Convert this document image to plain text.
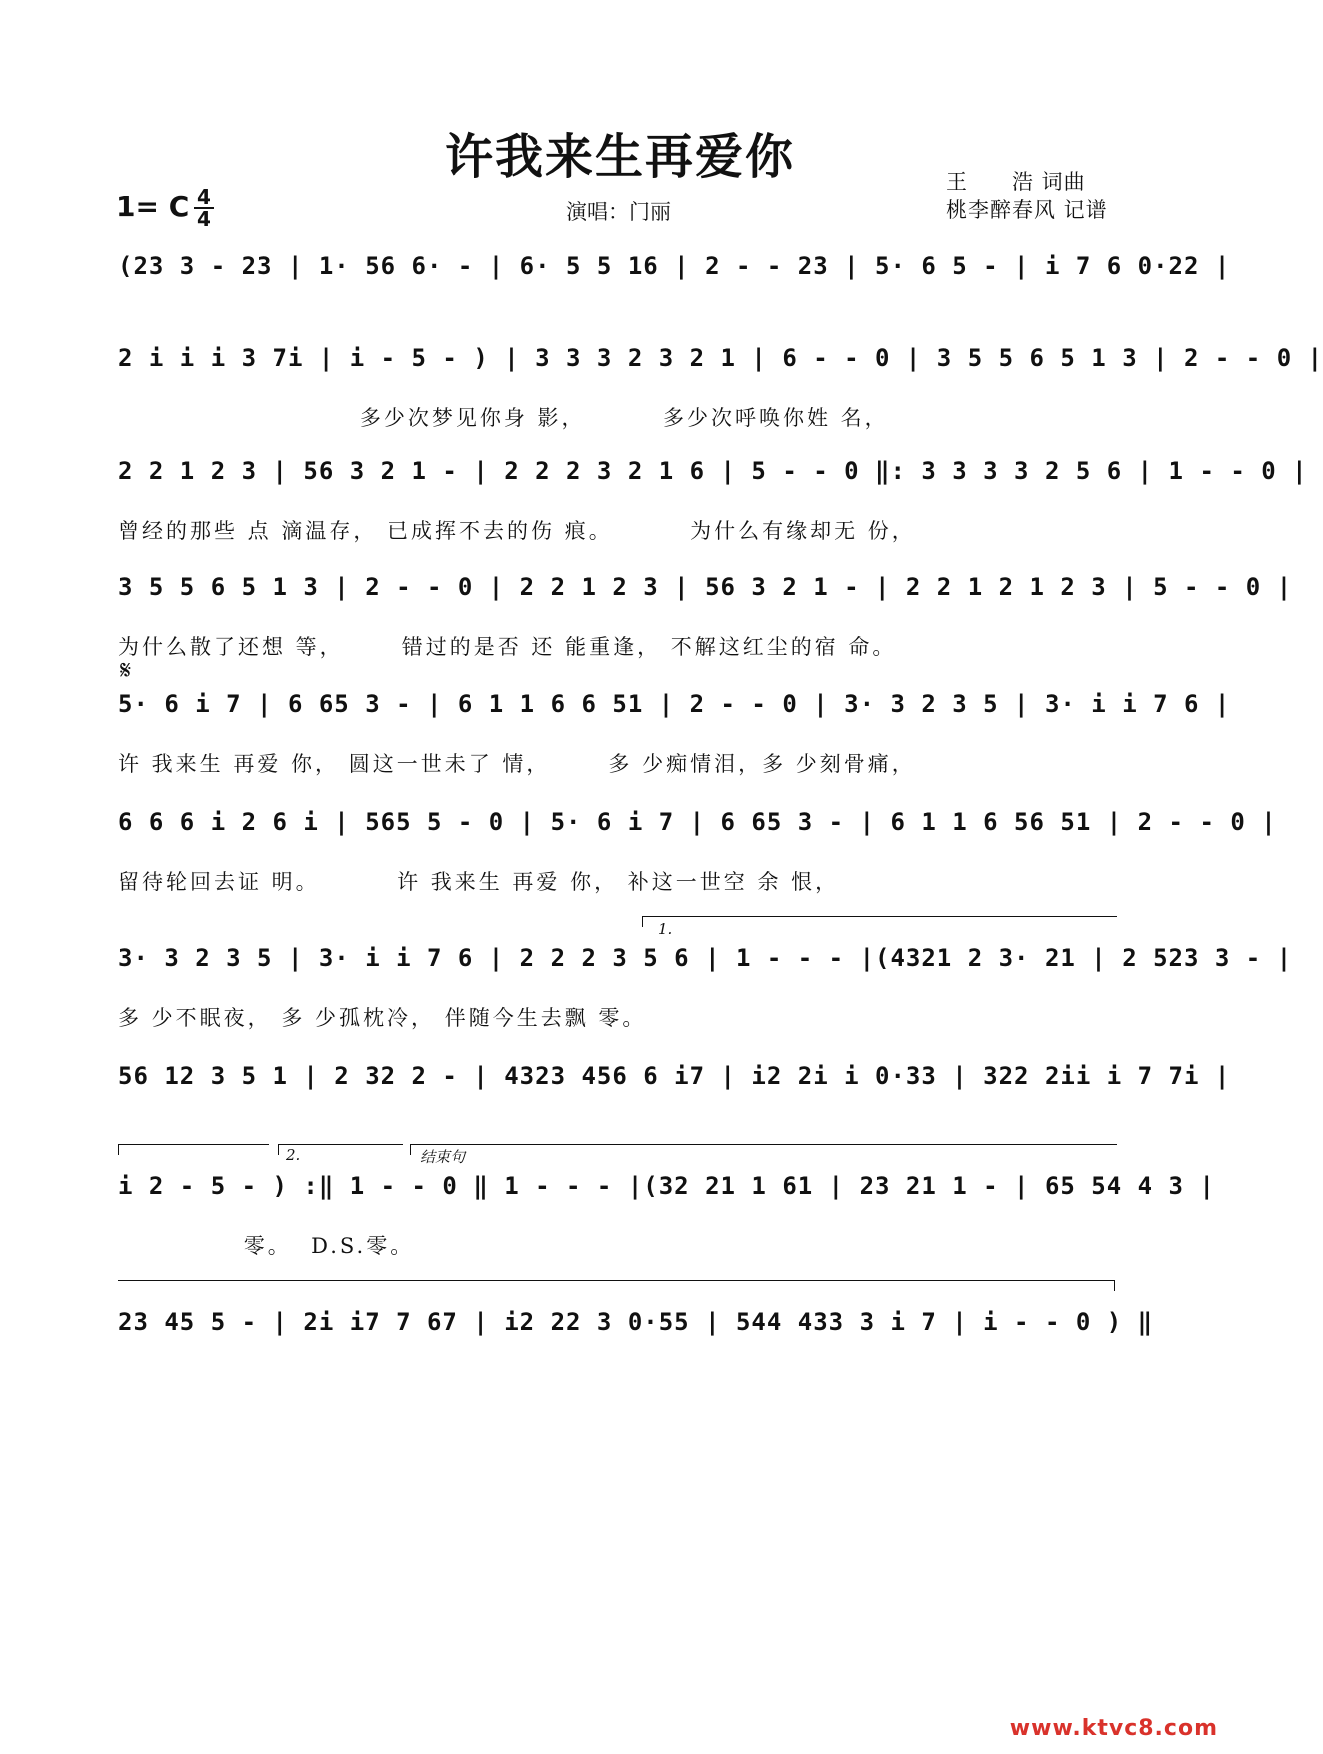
许我来生再爱你
1= C 4
4	演唱：门丽
王　　浩 词曲
桃李醉春风 记谱
(23 3 - 23 | 1· 56 6· - | 6· 5 5 16 | 2 - - 23 | 5· 6 5 - | i 7 6 0·22 |
2 i i i 3 7i | i - 5 - ) | 3 3 3 2 3 2 1 | 6 - - 0 | 3 5 5 6 5 1 3 | 2 - - 0 |
多少次梦见你身 影，        多少次呼唤你姓 名，
2 2 1 2 3 | 56 3 2 1 - | 2 2 2 3 2 1 6 | 5 - - 0 ‖: 3 3 3 3 2 5 6 | 1 - - 0 |
曾经的那些 点 滴温存， 已成挥不去的伤 痕。        为什么有缘却无 份，
3 5 5 6 5 1 3 | 2 - - 0 | 2 2 1 2 3 | 56 3 2 1 - | 2 2 1 2 1 2 3 | 5 - - 0 |
为什么散了还想 等，      错过的是否 还 能重逢， 不解这红尘的宿 命。
𝄋
5· 6 i 7 | 6 65 3 - | 6 1 1 6 6 51 | 2 - - 0 | 3· 3 2 3 5 | 3· i i 7 6 |
许 我来生 再爱 你， 圆这一世未了 情，      多 少痴情泪，多 少刻骨痛，
6 6 6 i 2 6 i | 565 5 - 0 | 5· 6 i 7 | 6 65 3 - | 6 1 1 6 56 51 | 2 - - 0 |
留待轮回去证 明。        许 我来生 再爱 你， 补这一世空 余 恨，
1.
3· 3 2 3 5 | 3· i i 7 6 | 2 2 2 3 5 6 | 1 - - - |(4321 2 3· 21 | 2 523 3 - |
多 少不眠夜， 多 少孤枕冷， 伴随今生去飘 零。
56 12 3 5 1 | 2 32 2 - | 4323 456 6 i7 | i2 2i i 0·33 | 322 2ii i 7 7i |
2.	结束句
i 2 - 5 - ) :‖ 1 - - 0 ‖ 1 - - - |(32 21 1 61 | 23 21 1 - | 65 54 4 3 |
零。  D.S.零。
23 45 5 - | 2i i7 7 67 | i2 22 3 0·55 | 544 433 3 i 7 | i - - 0 ) ‖
www.ktvc8.com
